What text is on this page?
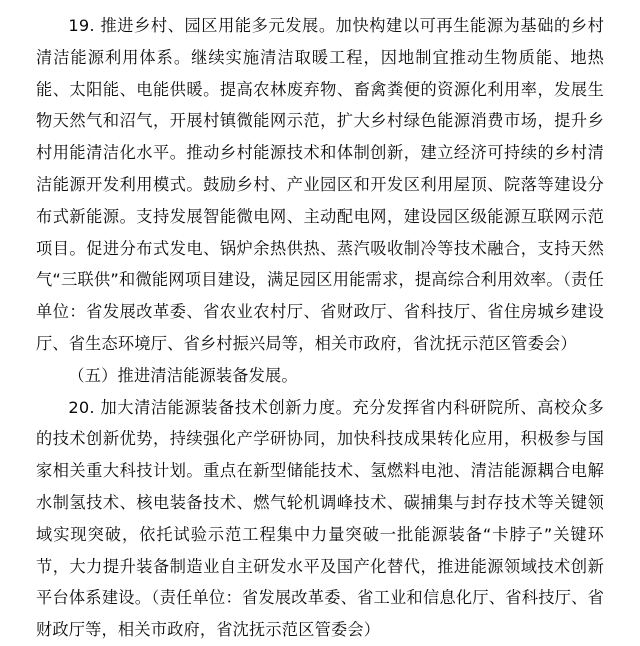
19. 推进乡村、园区用能多元发展。加快构建以可再生能源为基础的乡村清洁能源利用体系。继续实施清洁取暖工程，因地制宜推动生物质能、地热能、太阳能、电能供暖。提高农林废弃物、畜禽粪便的资源化利用率，发展生物天然气和沼气，开展村镇微能网示范，扩大乡村绿色能源消费市场，提升乡村用能清洁化水平。推动乡村能源技术和体制创新，建立经济可持续的乡村清洁能源开发利用模式。鼓励乡村、产业园区和开发区利用屋顶、院落等建设分布式新能源。支持发展智能微电网、主动配电网，建设园区级能源互联网示范项目。促进分布式发电、锅炉余热供热、蒸汽吸收制冷等技术融合，支持天然气“三联供”和微能网项目建设，满足园区用能需求，提高综合利用效率。（责任单位：省发展改革委、省农业农村厅、省财政厅、省科技厅、省住房城乡建设厅、省生态环境厅、省乡村振兴局等，相关市政府，省沈抚示范区管委会）

（五）推进清洁能源装备发展。

20. 加大清洁能源装备技术创新力度。充分发挥省内科研院所、高校众多的技术创新优势，持续强化产学研协同，加快科技成果转化应用，积极参与国家相关重大科技计划。重点在新型储能技术、氢燃料电池、清洁能源耦合电解水制氢技术、核电装备技术、燃气轮机调峰技术、碳捕集与封存技术等关键领域实现突破，依托试验示范工程集中力量突破一批能源装备“卡脖子”关键环节，大力提升装备制造业自主研发水平及国产化替代，推进能源领域技术创新平台体系建设。（责任单位：省发展改革委、省工业和信息化厅、省科技厅、省财政厅等，相关市政府，省沈抚示范区管委会）
